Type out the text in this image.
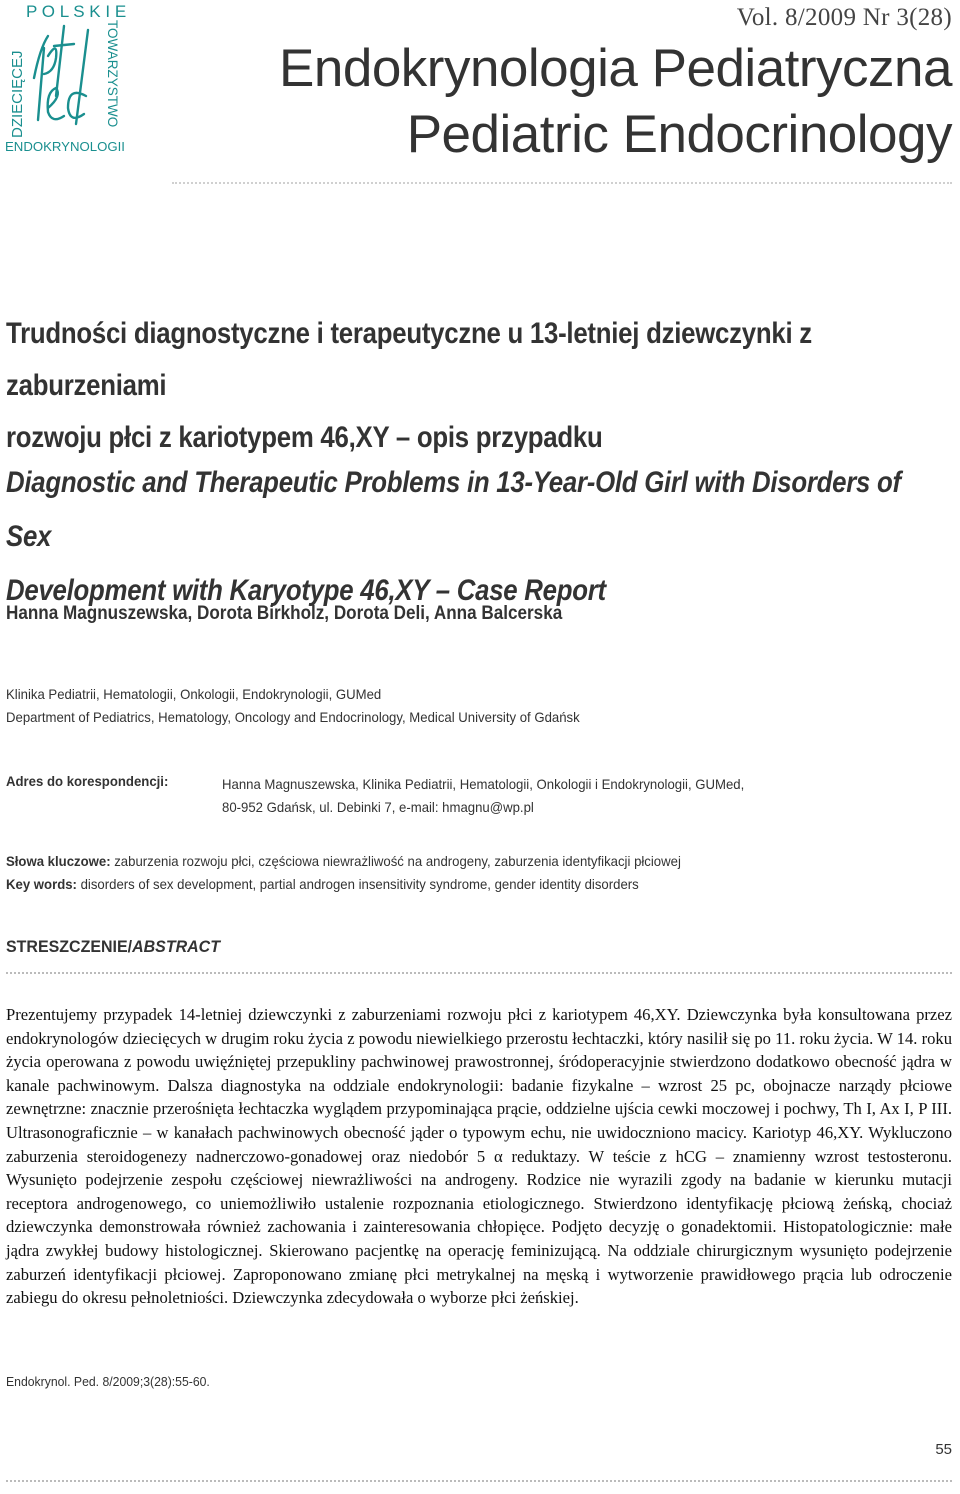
P O L S K I E
DZIECIĘCEJ	TOWARZYSTWO
ENDOKRYNOLOGII
Vol. 8/2009 Nr 3(28)
Endokrynologia Pediatryczna
Pediatric Endocrinology
Trudności diagnostyczne i terapeutyczne u 13-letniej dziewczynki z zaburzeniami
rozwoju płci z kariotypem 46,XY – opis przypadku
Diagnostic and Therapeutic Problems in 13-Year-Old Girl with Disorders of Sex
Development with Karyotype 46,XY – Case Report
Hanna Magnuszewska, Dorota Birkholz, Dorota Deli, Anna Balcerska
Klinika Pediatrii, Hematologii, Onkologii, Endokrynologii, GUMed
Department of Pediatrics, Hematology, Oncology and Endocrinology, Medical University of Gdańsk
Adres do korespondencji:	Hanna Magnuszewska, Klinika Pediatrii, Hematologii, Onkologii i Endokrynologii, GUMed,
80-952 Gdańsk, ul. Debinki 7, e-mail: hmagnu@wp.pl
Słowa kluczowe: zaburzenia rozwoju płci, częściowa niewrażliwość na androgeny, zaburzenia identyfikacji płciowej
Key words: disorders of sex development, partial androgen insensitivity syndrome, gender identity disorders
STRESZCZENIE/ABSTRACT
Prezentujemy przypadek 14-letniej dziewczynki z zaburzeniami rozwoju płci z kariotypem 46,XY. Dziewczynka była konsultowana przez endokrynologów dziecięcych w drugim roku życia z powodu niewielkiego przerostu łechtaczki, który nasilił się po 11. roku życia. W 14. roku życia operowana z powodu uwięźniętej przepukliny pachwinowej prawostronnej, śródoperacyjnie stwierdzono dodatkowo obecność jądra w kanale pachwinowym. Dalsza diagnostyka na oddziale endokrynologii: badanie fizykalne – wzrost 25 pc, obojnacze narządy płciowe zewnętrzne: znacznie przerośnięta łechtaczka wyglądem przypominająca prącie, oddzielne ujścia cewki moczowej i pochwy, Th I, Ax I, P III. Ultrasonograficznie – w kanałach pachwinowych obecność jąder o typowym echu, nie uwidoczniono macicy. Kariotyp 46,XY. Wykluczono zaburzenia steroidogenezy nadnerczowo-gonadowej oraz niedobór 5 α reduktazy. W teście z hCG – znamienny wzrost testosteronu. Wysunięto podejrzenie zespołu częściowej niewrażliwości na androgeny. Rodzice nie wyrazili zgody na badanie w kierunku mutacji receptora androgenowego, co uniemożliwiło ustalenie rozpoznania etiologicznego. Stwierdzono identyfikację płciową żeńską, chociaż dziewczynka demonstrowała również zachowania i zainteresowania chłopięce. Podjęto decyzję o gonadektomii. Histopatologicznie: małe jądra zwykłej budowy histologicznej. Skierowano pacjentkę na operację feminizującą. Na oddziale chirurgicznym wysunięto podejrzenie zaburzeń identyfikacji płciowej. Zaproponowano zmianę płci metrykalnej na męską i wytworzenie prawidłowego prącia lub odroczenie zabiegu do okresu pełnoletniości. Dziewczynka zdecydowała o wyborze płci żeńskiej.
Endokrynol. Ped. 8/2009;3(28):55-60.
55
